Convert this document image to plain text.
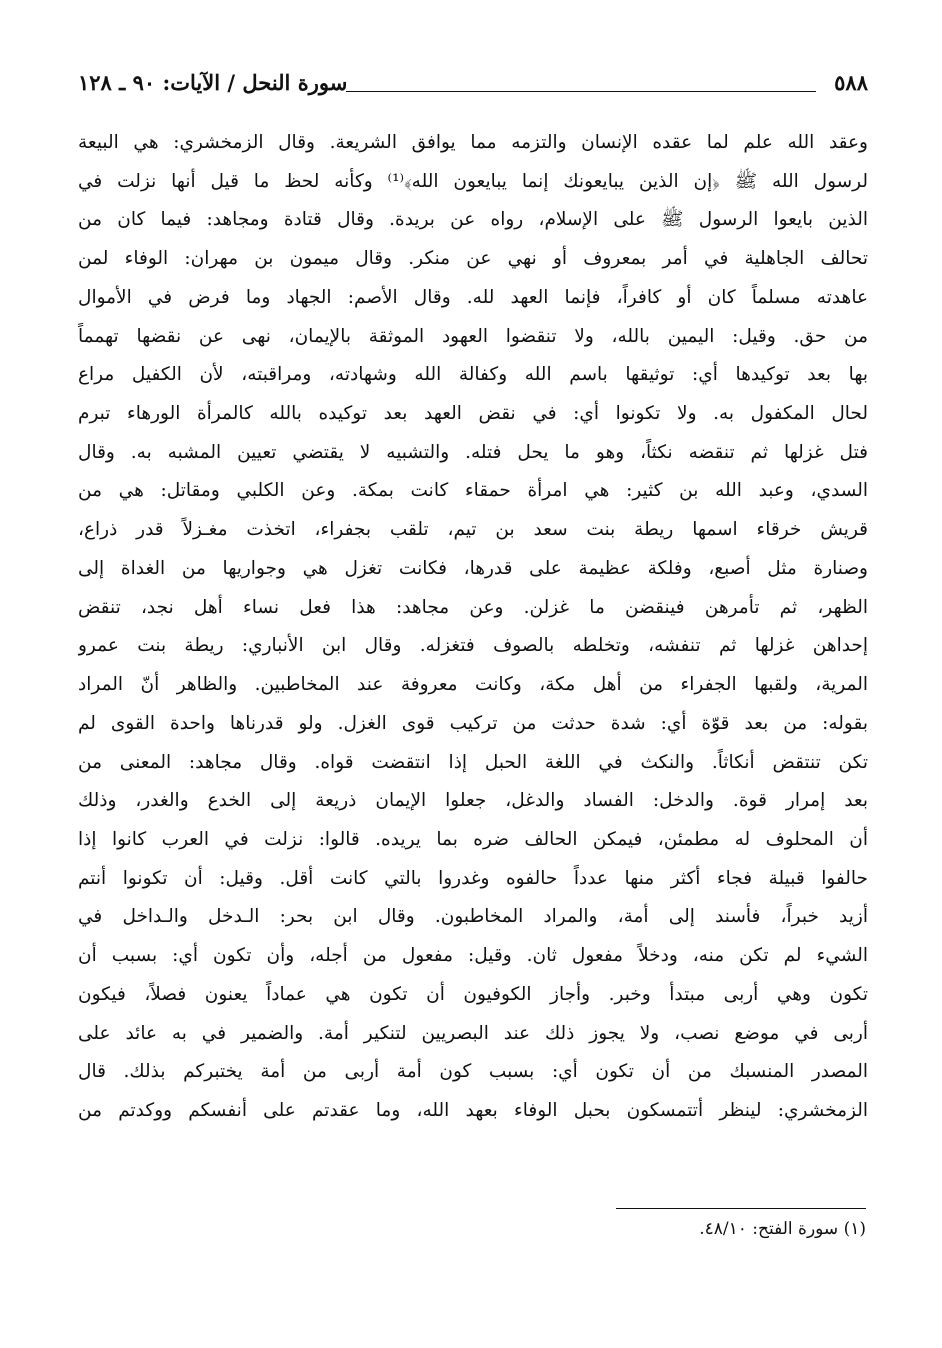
سورة النحل / الآيات: ٩٠ ـ ١٢٨	٥٨٨
وعقد الله علم لما عقده الإنسان والتزمه مما يوافق الشريعة. وقال الزمخشري: هي البيعة
لرسول الله ﷺ ﴿إن الذين يبايعونك إنما يبايعون الله﴾⁽¹⁾ وكأنه لحظ ما قيل أنها نزلت في
الذين بايعوا الرسول ﷺ على الإسلام، رواه عن بريدة. وقال قتادة ومجاهد: فيما كان من
تحالف الجاهلية في أمر بمعروف أو نهي عن منكر. وقال ميمون بن مهران: الوفاء لمن
عاهدته مسلماً كان أو كافراً، فإنما العهد لله. وقال الأصم: الجهاد وما فرض في الأموال
من حق. وقيل: اليمين بالله، ولا تنقضوا العهود الموثقة بالإيمان، نهى عن نقضها تهمماً
بها بعد توكيدها أي: توثيقها باسم الله وكفالة الله وشهادته، ومراقبته، لأن الكفيل مراع
لحال المكفول به. ولا تكونوا أي: في نقض العهد بعد توكيده بالله كالمرأة الورهاء تبرم
فتل غزلها ثم تنقضه نكثاً، وهو ما يحل فتله. والتشبيه لا يقتضي تعيين المشبه به. وقال
السدي، وعبد الله بن كثير: هي امرأة حمقاء كانت بمكة. وعن الكلبي ومقاتل: هي من
قريش خرقاء اسمها ريطة بنت سعد بن تيم، تلقب بجفراء، اتخذت مغـزلاً قدر ذراع،
وصنارة مثل أصبع، وفلكة عظيمة على قدرها، فكانت تغزل هي وجواريها من الغداة إلى
الظهر، ثم تأمرهن فينقضن ما غزلن. وعن مجاهد: هذا فعل نساء أهل نجد، تنقض
إحداهن غزلها ثم تنفشه، وتخلطه بالصوف فتغزله. وقال ابن الأنباري: ريطة بنت عمرو
المرية، ولقبها الجفراء من أهل مكة، وكانت معروفة عند المخاطبين. والظاهر أنّ المراد
بقوله: من بعد قوّة أي: شدة حدثت من تركيب قوى الغزل. ولو قدرناها واحدة القوى لم
تكن تنتقض أنكاثاً. والنكث في اللغة الحبل إذا انتقضت قواه. وقال مجاهد: المعنى من
بعد إمرار قوة. والدخل: الفساد والدغل، جعلوا الإيمان ذريعة إلى الخدع والغدر، وذلك
أن المحلوف له مطمئن، فيمكن الحالف ضره بما يريده. قالوا: نزلت في العرب كانوا إذا
حالفوا قبيلة فجاء أكثر منها عدداً حالفوه وغدروا بالتي كانت أقل. وقيل: أن تكونوا أنتم
أزيد خبراً، فأسند إلى أمة، والمراد المخاطبون. وقال ابن بحر: الـدخل والـداخل في
الشيء لم تكن منه، ودخلاً مفعول ثان. وقيل: مفعول من أجله، وأن تكون أي: بسبب أن
تكون وهي أربى مبتدأ وخبر. وأجاز الكوفيون أن تكون هي عماداً يعنون فصلاً، فيكون
أربى في موضع نصب، ولا يجوز ذلك عند البصريين لتنكير أمة. والضمير في به عائد على
المصدر المنسبك من أن تكون أي: بسبب كون أمة أربى من أمة يختبركم بذلك. قال
الزمخشري: لينظر أتتمسكون بحبل الوفاء بعهد الله، وما عقدتم على أنفسكم ووكدتم من
(١) سورة الفتح: ٤٨/١٠.
